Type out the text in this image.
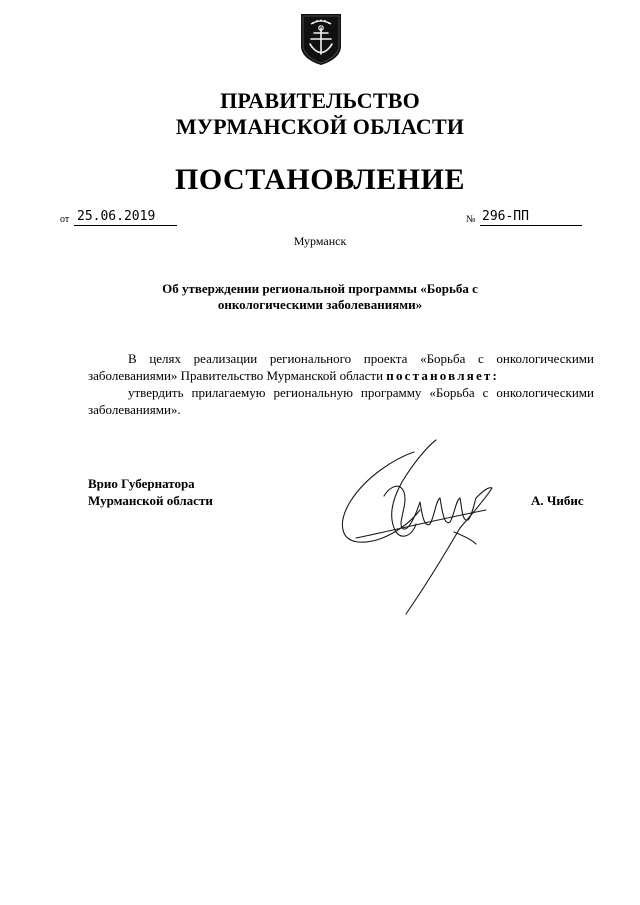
ПРАВИТЕЛЬСТВО
МУРМАНСКОЙ ОБЛАСТИ
ПОСТАНОВЛЕНИЕ
от 25.06.2019	№ 296-ПП
Мурманск
Об утверждении региональной программы «Борьба с онкологическими заболеваниями»

В целях реализации регионального проекта «Борьба с онкологическими заболеваниями» Правительство Мурманской области постановляет:

утвердить прилагаемую региональную программу «Борьба с онкологическими заболеваниями».

Врио Губернатора
Мурманской области	А. Чибис
